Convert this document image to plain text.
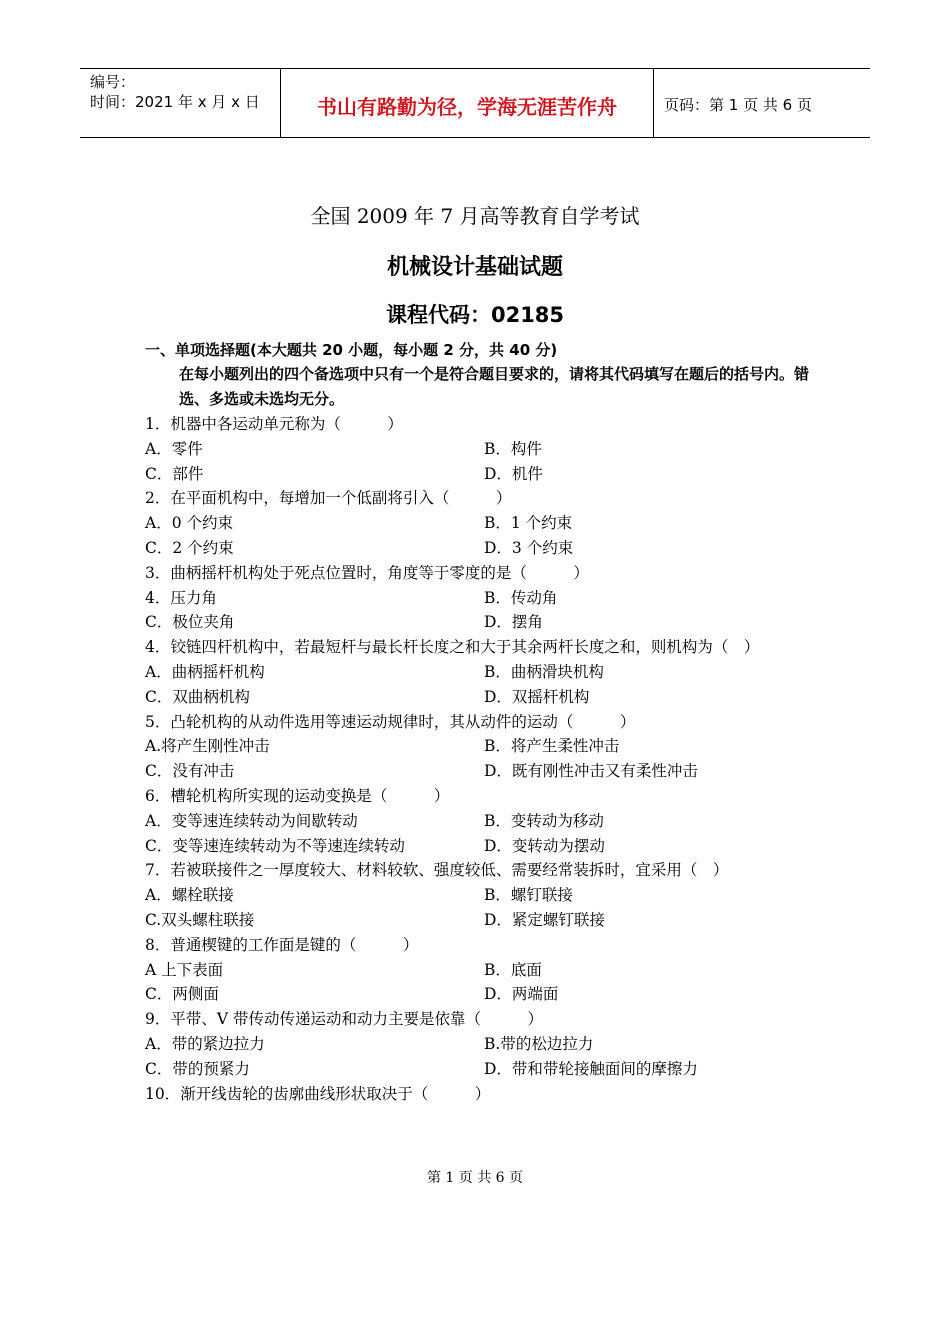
编号：
时间：2021 年 x 月 x 日	书山有路勤为径，学海无涯苦作舟	页码：第 1 页 共 6 页
全国 2009 年 7 月高等教育自学考试
机械设计基础试题
课程代码：02185
一、单项选择题(本大题共 20 小题，每小题 2 分，共 40 分)
在每小题列出的四个备选项中只有一个是符合题目要求的，请将其代码填写在题后的括号内。错选、多选或未选均无分。
1．机器中各运动单元称为（　　　）
A．零件	B．构件
C．部件	D．机件
2．在平面机构中，每增加一个低副将引入（　　　）
A．0 个约束	B．1 个约束
C．2 个约束	D．3 个约束
3．曲柄摇杆机构处于死点位置时，角度等于零度的是（　　　）
4．压力角	B．传动角
C．极位夹角	D．摆角
4．铰链四杆机构中，若最短杆与最长杆长度之和大于其余两杆长度之和，则机构为（　）
A．曲柄摇杆机构	B．曲柄滑块机构
C．双曲柄机构	D．双摇杆机构
5．凸轮机构的从动件选用等速运动规律时，其从动件的运动（　　　）
A.将产生刚性冲击	B．将产生柔性冲击
C．没有冲击	D．既有刚性冲击又有柔性冲击
6．槽轮机构所实现的运动变换是（　　　）
A．变等速连续转动为间歇转动	B．变转动为移动
C．变等速连续转动为不等速连续转动	D．变转动为摆动
7．若被联接件之一厚度较大、材料较软、强度较低、需要经常装拆时，宜采用（　）
A．螺栓联接	B．螺钉联接
C.双头螺柱联接	D．紧定螺钉联接
8．普通楔键的工作面是键的（　　　）
A 上下表面	B．底面
C．两侧面	D．两端面
9．平带、V 带传动传递运动和动力主要是依靠（　　　）
A．带的紧边拉力	B.带的松边拉力
C．带的预紧力	D．带和带轮接触面间的摩擦力
10．渐开线齿轮的齿廓曲线形状取决于（　　　）
第 1 页 共 6 页
